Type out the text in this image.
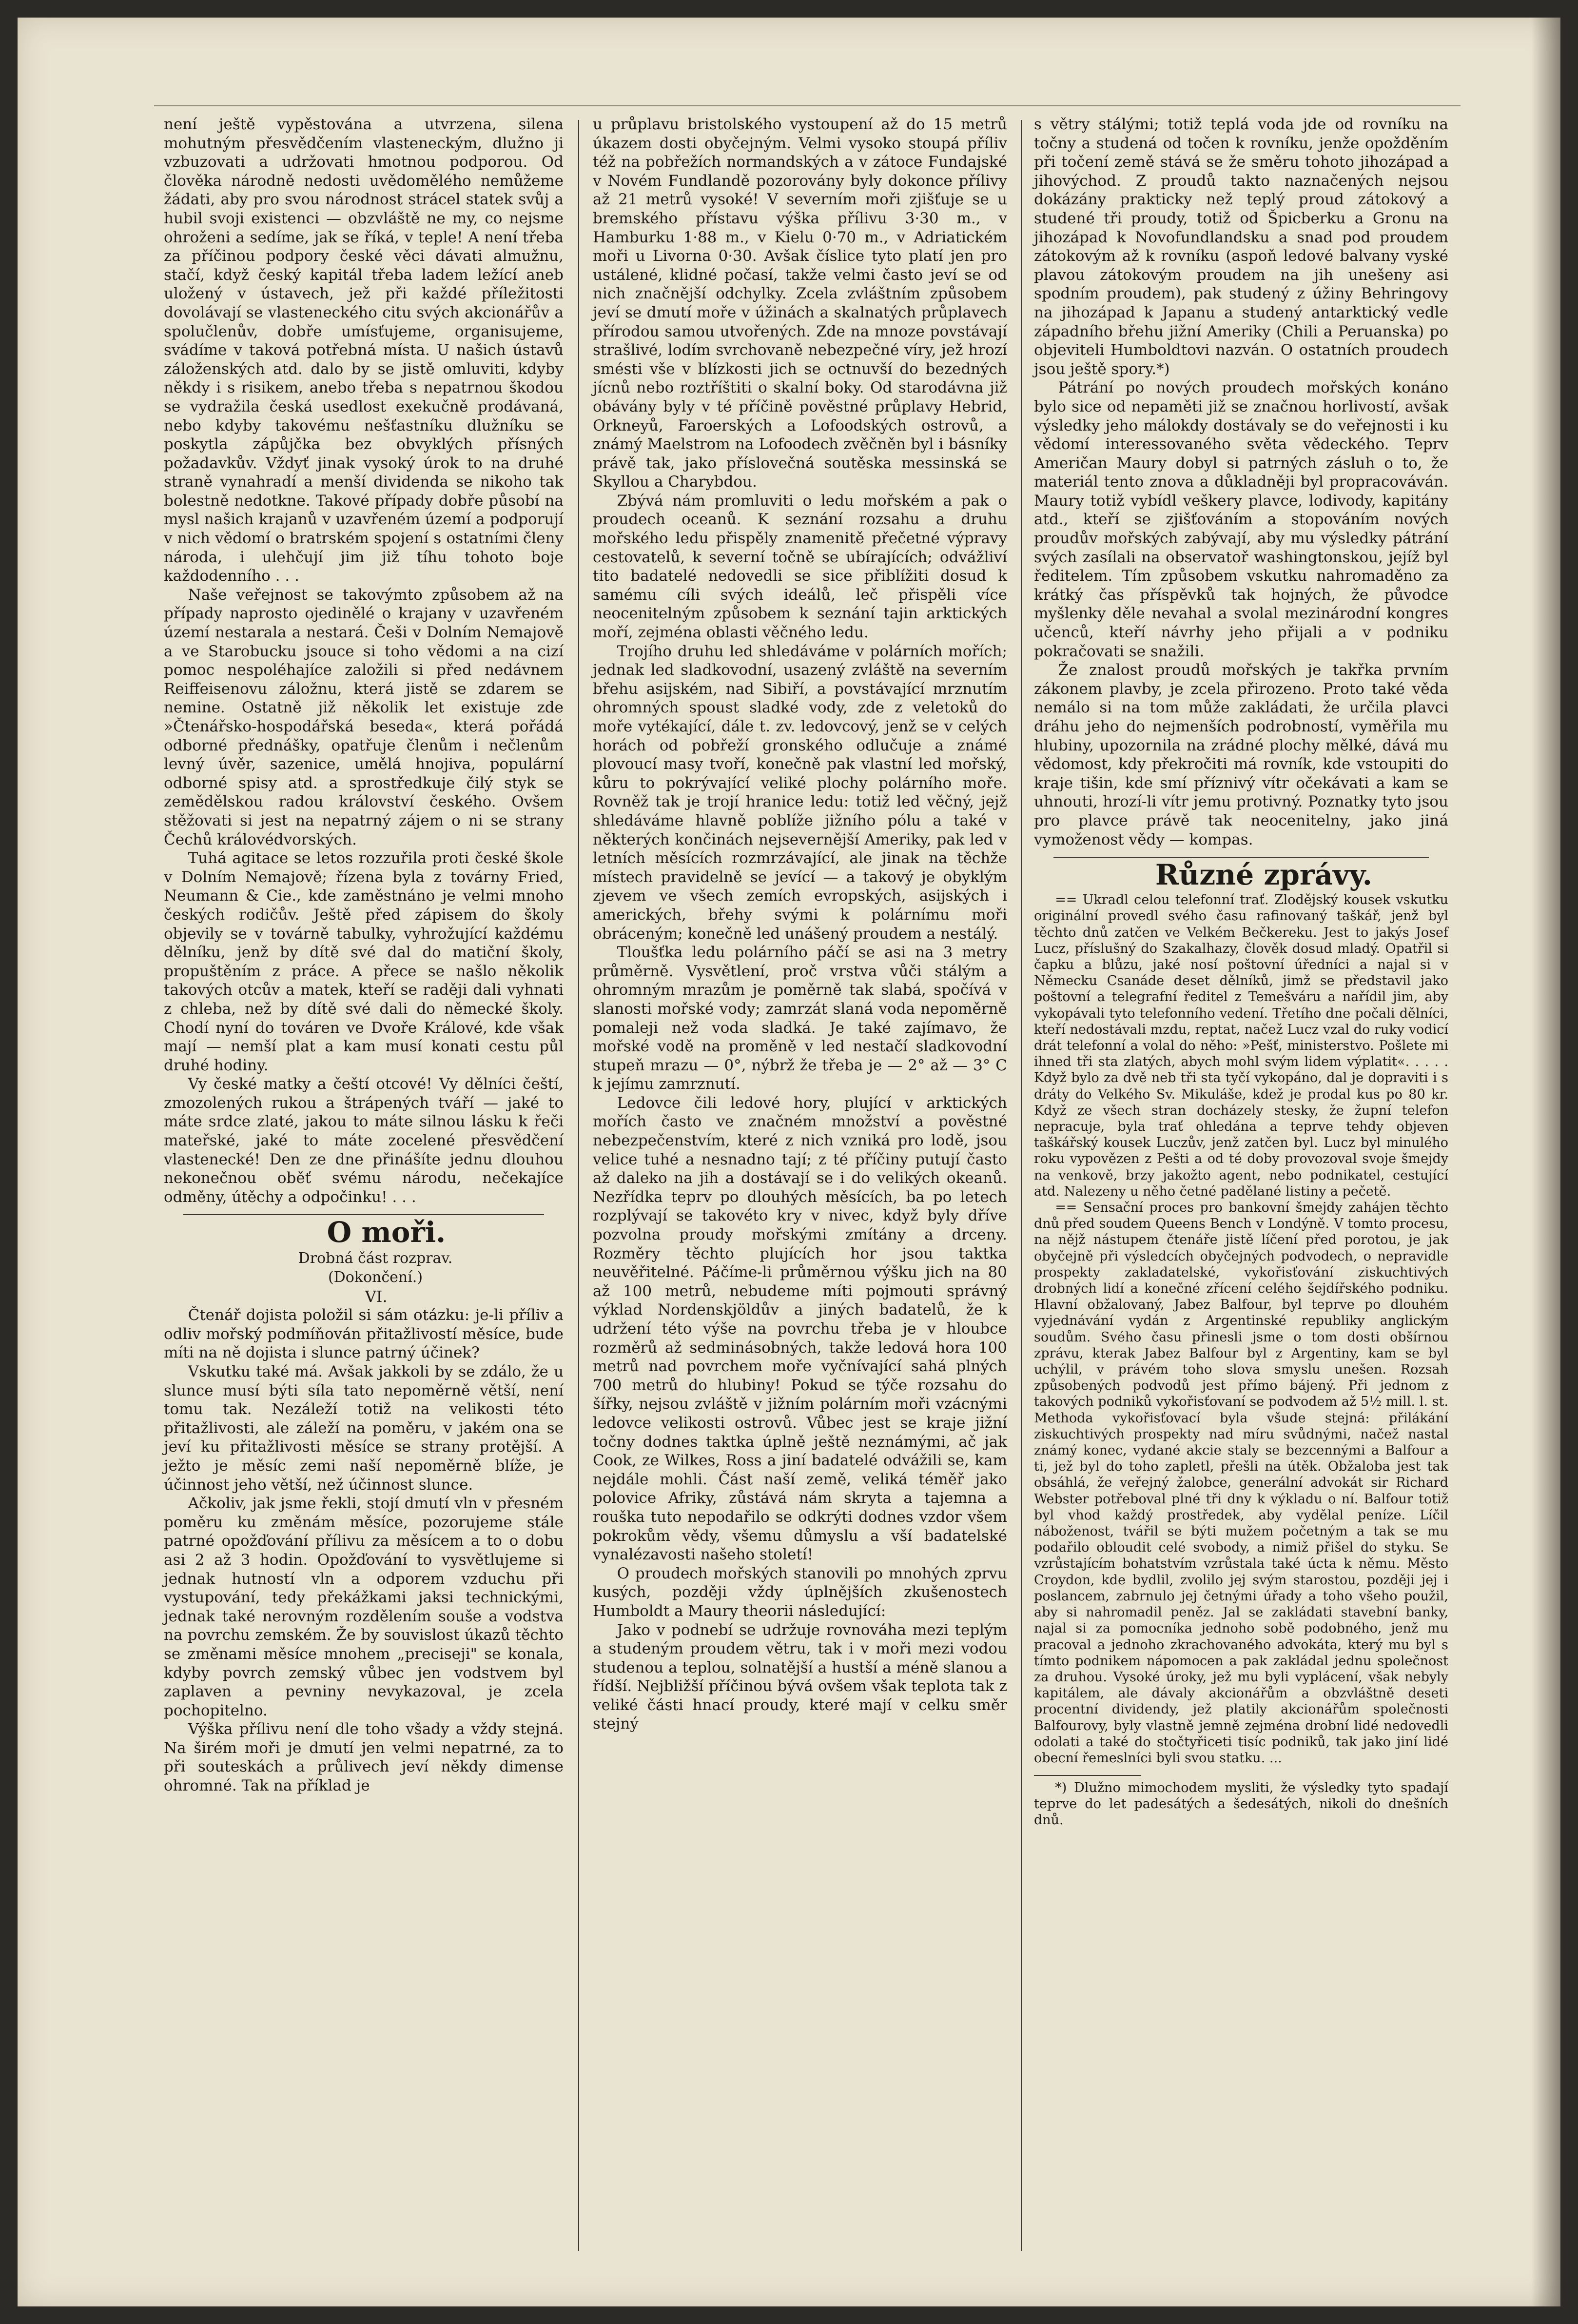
není ještě vypěstována a utvrzena, silena mohutným přesvědčením vlasteneckým, dlužno ji vzbuzovati a udržovati hmotnou podporou. Od člověka národně nedosti uvědomělého nemůžeme žádati, aby pro svou národnost strácel statek svůj a hubil svoji existenci — obzvláště ne my, co nejsme ohroženi a sedíme, jak se říká, v teple! A není třeba za příčinou podpory české věci dávati almužnu, stačí, když český kapitál třeba ladem ležící aneb uložený v ústavech, jež při každé příležitosti dovolávají se vlasteneckého citu svých akcionářův a spolučlenův, dobře umísťujeme, organisujeme, svádíme v taková potřebná místa. U našich ústavů záloženských atd. dalo by se jistě omluviti, kdyby někdy i s risikem, anebo třeba s nepatrnou škodou se vydražila česká usedlost exekučně prodávaná, nebo kdyby takovému nešťastníku dlužníku se poskytla zápůjčka bez obvyklých přísných požadavkův. Vždyť jinak vysoký úrok to na druhé straně vynahradí a menší dividenda se nikoho tak bolestně nedotkne. Takové případy dobře působí na mysl našich krajanů v uzavřeném území a podporují v nich vědomí o bratrském spojení s ostatními členy národa, i ulehčují jim již tíhu tohoto boje každodenního . . .

Naše veřejnost se takovýmto způsobem až na případy naprosto ojedinělé o krajany v uzavřeném území nestarala a nestará. Češi v Dolním Nemajově a ve Starobucku jsouce si toho vědomi a na cizí pomoc nespoléhajíce založili si před nedávnem Reiffeisenovu záložnu, která jistě se zdarem se nemine. Ostatně již několik let existuje zde »Čtenářsko-hospodářská beseda«, která pořádá odborné přednášky, opatřuje členům i nečlenům levný úvěr, sazenice, umělá hnojiva, populární odborné spisy atd. a sprostředkuje čilý styk se zemědělskou radou království českého. Ovšem stěžovati si jest na nepatrný zájem o ni se strany Čechů královédvorských.

Tuhá agitace se letos rozzuřila proti české škole v Dolním Nemajově; řízena byla z továrny Fried, Neumann & Cie., kde zaměstnáno je velmi mnoho českých rodičův. Ještě před zápisem do školy objevily se v továrně tabulky, vyhrožující každému dělníku, jenž by dítě své dal do matiční školy, propuštěním z práce. A přece se našlo několik takových otcův a matek, kteří se raději dali vyhnati z chleba, než by dítě své dali do německé školy. Chodí nyní do továren ve Dvoře Králové, kde však mají — nemší plat a kam musí konati cestu půl druhé hodiny.

Vy české matky a čeští otcové! Vy dělníci čeští, zmozolených rukou a štrápených tváří — jaké to máte srdce zlaté, jakou to máte silnou lásku k řeči mateřské, jaké to máte zocelené přesvědčení vlastenecké! Den ze dne přinášíte jednu dlouhou nekonečnou oběť svému národu, nečekajíce odměny, útěchy a odpočinku! . . .

O moři.

Drobná část rozprav.

(Dokončení.)

VI.

Čtenář dojista položil si sám otázku: je-li příliv a odliv mořský podmíňován přitažlivostí měsíce, bude míti na ně dojista i slunce patrný účinek?

Vskutku také má. Avšak jakkoli by se zdálo, že u slunce musí býti síla tato nepoměrně větší, není tomu tak. Nezáleží totiž na velikosti této přitažlivosti, ale záleží na poměru, v jakém ona se jeví ku přitažlivosti měsíce se strany protější. A ježto je měsíc zemi naší nepoměrně blíže, je účinnost jeho větší, než účinnost slunce.

Ačkoliv, jak jsme řekli, stojí dmutí vln v přesném poměru ku změnám měsíce, pozorujeme stále patrné opožďování přílivu za měsícem a to o dobu asi 2 až 3 hodin. Opožďování to vysvětlujeme si jednak hutností vln a odporem vzduchu při vystupování, tedy překážkami jaksi technickými, jednak také nerovným rozdělením souše a vodstva na povrchu zemském. Že by souvislost úkazů těchto se změnami měsíce mnohem „preciseji" se konala, kdyby povrch zemský vůbec jen vodstvem byl zaplaven a pevniny nevykazoval, je zcela pochopitelno.

Výška přílivu není dle toho všady a vždy stejná. Na širém moři je dmutí jen velmi nepatrné, za to při souteskách a průlivech jeví někdy dimense ohromné. Tak na příklad je

u průplavu bristolského vystoupení až do 15 metrů úkazem dosti obyčejným. Velmi vysoko stoupá příliv též na pobřežích normandských a v zátoce Fundajské v Novém Fundlandě pozorovány byly dokonce přílivy až 21 metrů vysoké! V severním moři zjišťuje se u bremského přístavu výška přílivu 3·30 m., v Hamburku 1·88 m., v Kielu 0·70 m., v Adriatickém moři u Livorna 0·30. Avšak číslice tyto platí jen pro ustálené, klidné počasí, takže velmi často jeví se od nich značnější odchylky. Zcela zvláštním způsobem jeví se dmutí moře v úžinách a skalnatých průplavech přírodou samou utvořených. Zde na mnoze povstávají strašlivé, lodím svrchovaně nebezpečné víry, jež hrozí smésti vše v blízkosti jich se octnuvší do bezedných jícnů nebo roztříštiti o skalní boky. Od starodávna již obávány byly v té příčině pověstné průplavy Hebrid, Orkneyů, Faroerských a Lofoodských ostrovů, a známý Maelstrom na Lofoodech zvěčněn byl i básníky právě tak, jako příslovečná soutěska messinská se Skyllou a Charybdou.

Zbývá nám promluviti o ledu mořském a pak o proudech oceanů. K seznání rozsahu a druhu mořského ledu přispěly znamenitě přečetné výpravy cestovatelů, k severní točně se ubírajících; odvážliví tito badatelé nedovedli se sice přiblížiti dosud k samému cíli svých ideálů, leč přispěli více neocenitelným způsobem k seznání tajin arktických moří, zejména oblasti věčného ledu.

Trojího druhu led shledáváme v polárních mořích; jednak led sladkovodní, usazený zvláště na severním břehu asijském, nad Sibiří, a povstávající mrznutím ohromných spoust sladké vody, zde z veletoků do moře vytékající, dále t. zv. ledovcový, jenž se v celých horách od pobřeží gronského odlučuje a známé plovoucí masy tvoří, konečně pak vlastní led mořský, kůru to pokrývající veliké plochy polárního moře. Rovněž tak je trojí hranice ledu: totiž led věčný, jejž shledáváme hlavně poblíže jižního pólu a také v některých končinách nejsevernější Ameriky, pak led v letních měsících rozmrzávající, ale jinak na těchže místech pravidelně se jevící — a takový je obyklým zjevem ve všech zemích evropských, asijských i amerických, břehy svými k polárnímu moři obráceným; konečně led unášený proudem a nestálý.

Tloušťka ledu polárního páčí se asi na 3 metry průměrně. Vysvětlení, proč vrstva vůči stálým a ohromným mrazům je poměrně tak slabá, spočívá v slanosti mořské vody; zamrzát slaná voda nepoměrně pomaleji než voda sladká. Je také zajímavo, že mořské vodě na proměně v led nestačí sladkovodní stupeň mrazu — 0°, nýbrž že třeba je — 2° až — 3° C k jejímu zamrznutí.

Ledovce čili ledové hory, plující v arktických mořích často ve značném množství a pověstné nebezpečenstvím, které z nich vzniká pro lodě, jsou velice tuhé a nesnadno tají; z té příčiny putují často až daleko na jih a dostávají se i do velikých okeanů. Nezřídka teprv po dlouhých měsících, ba po letech rozplývají se takovéto kry v nivec, když byly dříve pozvolna proudy mořskými zmítány a drceny. Rozměry těchto plujících hor jsou taktka neuvěřitelné. Páčíme-li průměrnou výšku jich na 80 až 100 metrů, nebudeme míti pojmouti správný výklad Nordenskjöldův a jiných badatelů, že k udržení této výše na povrchu třeba je v hloubce rozměrů až sedminásobných, takže ledová hora 100 metrů nad povrchem moře vyčnívající sahá plných 700 metrů do hlubiny! Pokud se týče rozsahu do šířky, nejsou zvláště v jižním polárním moři vzácnými ledovce velikosti ostrovů. Vůbec jest se kraje jižní točny dodnes taktka úplně ještě neznámými, ač jak Cook, ze Wilkes, Ross a jiní badatelé odvážili se, kam nejdále mohli. Část naší země, veliká téměř jako polovice Afriky, zůstává nám skryta a tajemna a rouška tuto nepodařilo se odkrýti dodnes vzdor všem pokrokům vědy, všemu důmyslu a vší badatelské vynalézavosti našeho století!

O proudech mořských stanovili po mnohých zprvu kusých, později vždy úplnějších zkušenostech Humboldt a Maury theorii následující:

Jako v podnebí se udržuje rovnováha mezi teplým a studeným proudem větru, tak i v moři mezi vodou studenou a teplou, solnatější a hustší a méně slanou a řídší. Nejbližší příčinou bývá ovšem však teplota tak z veliké části hnací proudy, které mají v celku směr stejný

s větry stálými; totiž teplá voda jde od rovníku na točny a studená od točen k rovníku, jenže opožděním při točení země stává se že směru tohoto jihozápad a jihovýchod. Z proudů takto naznačených nejsou dokázány prakticky než teplý proud zátokový a studené tři proudy, totiž od Špicberku a Gronu na jihozápad k Novofundlandsku a snad pod proudem zátokovým až k rovníku (aspoň ledové balvany vyské plavou zátokovým proudem na jih unešeny asi spodním proudem), pak studený z úžiny Behringovy na jihozápad k Japanu a studený antarktický vedle západního břehu jižní Ameriky (Chili a Peruanska) po objeviteli Humboldtovi nazván. O ostatních proudech jsou ještě spory.*)

Pátrání po nových proudech mořských konáno bylo sice od nepaměti již se značnou horlivostí, avšak výsledky jeho málokdy dostávaly se do veřejnosti i ku vědomí interessovaného světa vědeckého. Teprv Američan Maury dobyl si patrných zásluh o to, že materiál tento znova a důkladněji byl propracováván. Maury totiž vybídl veškery plavce, lodivody, kapitány atd., kteří se zjišťováním a stopováním nových proudův mořských zabývají, aby mu výsledky pátrání svých zasílali na observatoř washingtonskou, jejíž byl ředitelem. Tím způsobem vskutku nahromaděno za krátký čas příspěvků tak hojných, že původce myšlenky děle nevahal a svolal mezinárodní kongres učenců, kteří návrhy jeho přijali a v podniku pokračovati se snažili.

Že znalost proudů mořských je takřka prvním zákonem plavby, je zcela přirozeno. Proto také věda nemálo si na tom může zakládati, že určila plavci dráhu jeho do nejmenších podrobností, vyměřila mu hlubiny, upozornila na zrádné plochy mělké, dává mu vědomost, kdy překročiti má rovník, kde vstoupiti do kraje tišin, kde smí příznivý vítr očekávati a kam se uhnouti, hrozí-li vítr jemu protivný. Poznatky tyto jsou pro plavce právě tak neocenitelny, jako jiná vymoženost vědy — kompas.

Různé zprávy.

== Ukradl celou telefonní trať. Zlodějský kousek vskutku originální provedl svého času rafinovaný taškář, jenž byl těchto dnů zatčen ve Velkém Bečkereku. Jest to jakýs Josef Lucz, příslušný do Szakalhazy, člověk dosud mladý. Opatřil si čapku a blůzu, jaké nosí poštovní úředníci a najal si v Německu Csanáde deset dělníků, jimž se představil jako poštovní a telegrafní ředitel z Temešváru a nařídil jim, aby vykopávali tyto telefonního vedení. Třetího dne počali dělníci, kteří nedostávali mzdu, reptat, načež Lucz vzal do ruky vodicí drát telefonní a volal do něho: »Pešť, ministerstvo. Pošlete mi ihned tři sta zlatých, abych mohl svým lidem výplatit«. . . . . Když bylo za dvě neb tři sta tyčí vykopáno, dal je dopraviti i s dráty do Velkého Sv. Mikuláše, kdež je prodal kus po 80 kr. Když ze všech stran docházely stesky, že župní telefon nepracuje, byla trať ohledána a teprve tehdy objeven taškářský kousek Luczův, jenž zatčen byl. Lucz byl minulého roku vypovězen z Pešti a od té doby provozoval svoje šmejdy na venkově, brzy jakožto agent, nebo podnikatel, cestující atd. Nalezeny u něho četné padělané listiny a pečetě.

== Sensační proces pro bankovní šmejdy zahájen těchto dnů před soudem Queens Bench v Londýně. V tomto procesu, na nějž nástupem čtenáře jistě líčení před porotou, je jak obyčejně při výsledcích obyčejných podvodech, o nepravidle prospekty zakladatelské, vykořisťování ziskuchtivých drobných lidí a konečné zřícení celého šejdířského podniku. Hlavní obžalovaný, Jabez Balfour, byl teprve po dlouhém vyjednávání vydán z Argentinské republiky anglickým soudům. Svého času přinesli jsme o tom dosti obšírnou zprávu, kterak Jabez Balfour byl z Argentiny, kam se byl uchýlil, v právém toho slova smyslu unešen. Rozsah způsobených podvodů jest přímo bájený. Při jednom z takových podniků vykořisťovaní se podvodem až 5½ mill. l. st. Methoda vykořisťovací byla všude stejná: přilákání ziskuchtivých prospekty nad míru svůdnými, načež nastal známý konec, vydané akcie staly se bezcennými a Balfour a ti, jež byl do toho zapletl, přešli na útěk. Obžaloba jest tak obsáhlá, že veřejný žalobce, generální advokát sir Richard Webster potřeboval plné tři dny k výkladu o ní. Balfour totiž byl vhod každý prostředek, aby vydělal peníze. Líčil náboženost, tvářil se býti mužem početným a tak se mu podařilo obloudit celé svobody, a nimiž přišel do styku. Se vzrůstajícím bohatstvím vzrůstala také úcta k němu. Město Croydon, kde bydlil, zvolilo jej svým starostou, později jej i poslancem, zabrnulo jej četnými úřady a toho všeho použil, aby si nahromadil peněz. Jal se zakládati stavební banky, najal si za pomocníka jednoho sobě podobného, jenž mu pracoval a jednoho zkrachovaného advokáta, který mu byl s tímto podnikem nápomocen a pak zakládal jednu společnost za druhou. Vysoké úroky, jež mu byli vyplácení, však nebyly kapitálem, ale dávaly akcionářům a obzvláštně deseti procentní dividendy, jež platily akcionářům společnosti Balfourovy, byly vlastně jemně zejména drobní lidé nedovedli odolati a také do stočtyřiceti tisíc podniků, tak jako jiní lidé obecní řemeslníci byli svou statku. ...

*) Dlužno mimochodem mysliti, že výsledky tyto spadají teprve do let padesátých a šedesátých, nikoli do dnešních dnů.
